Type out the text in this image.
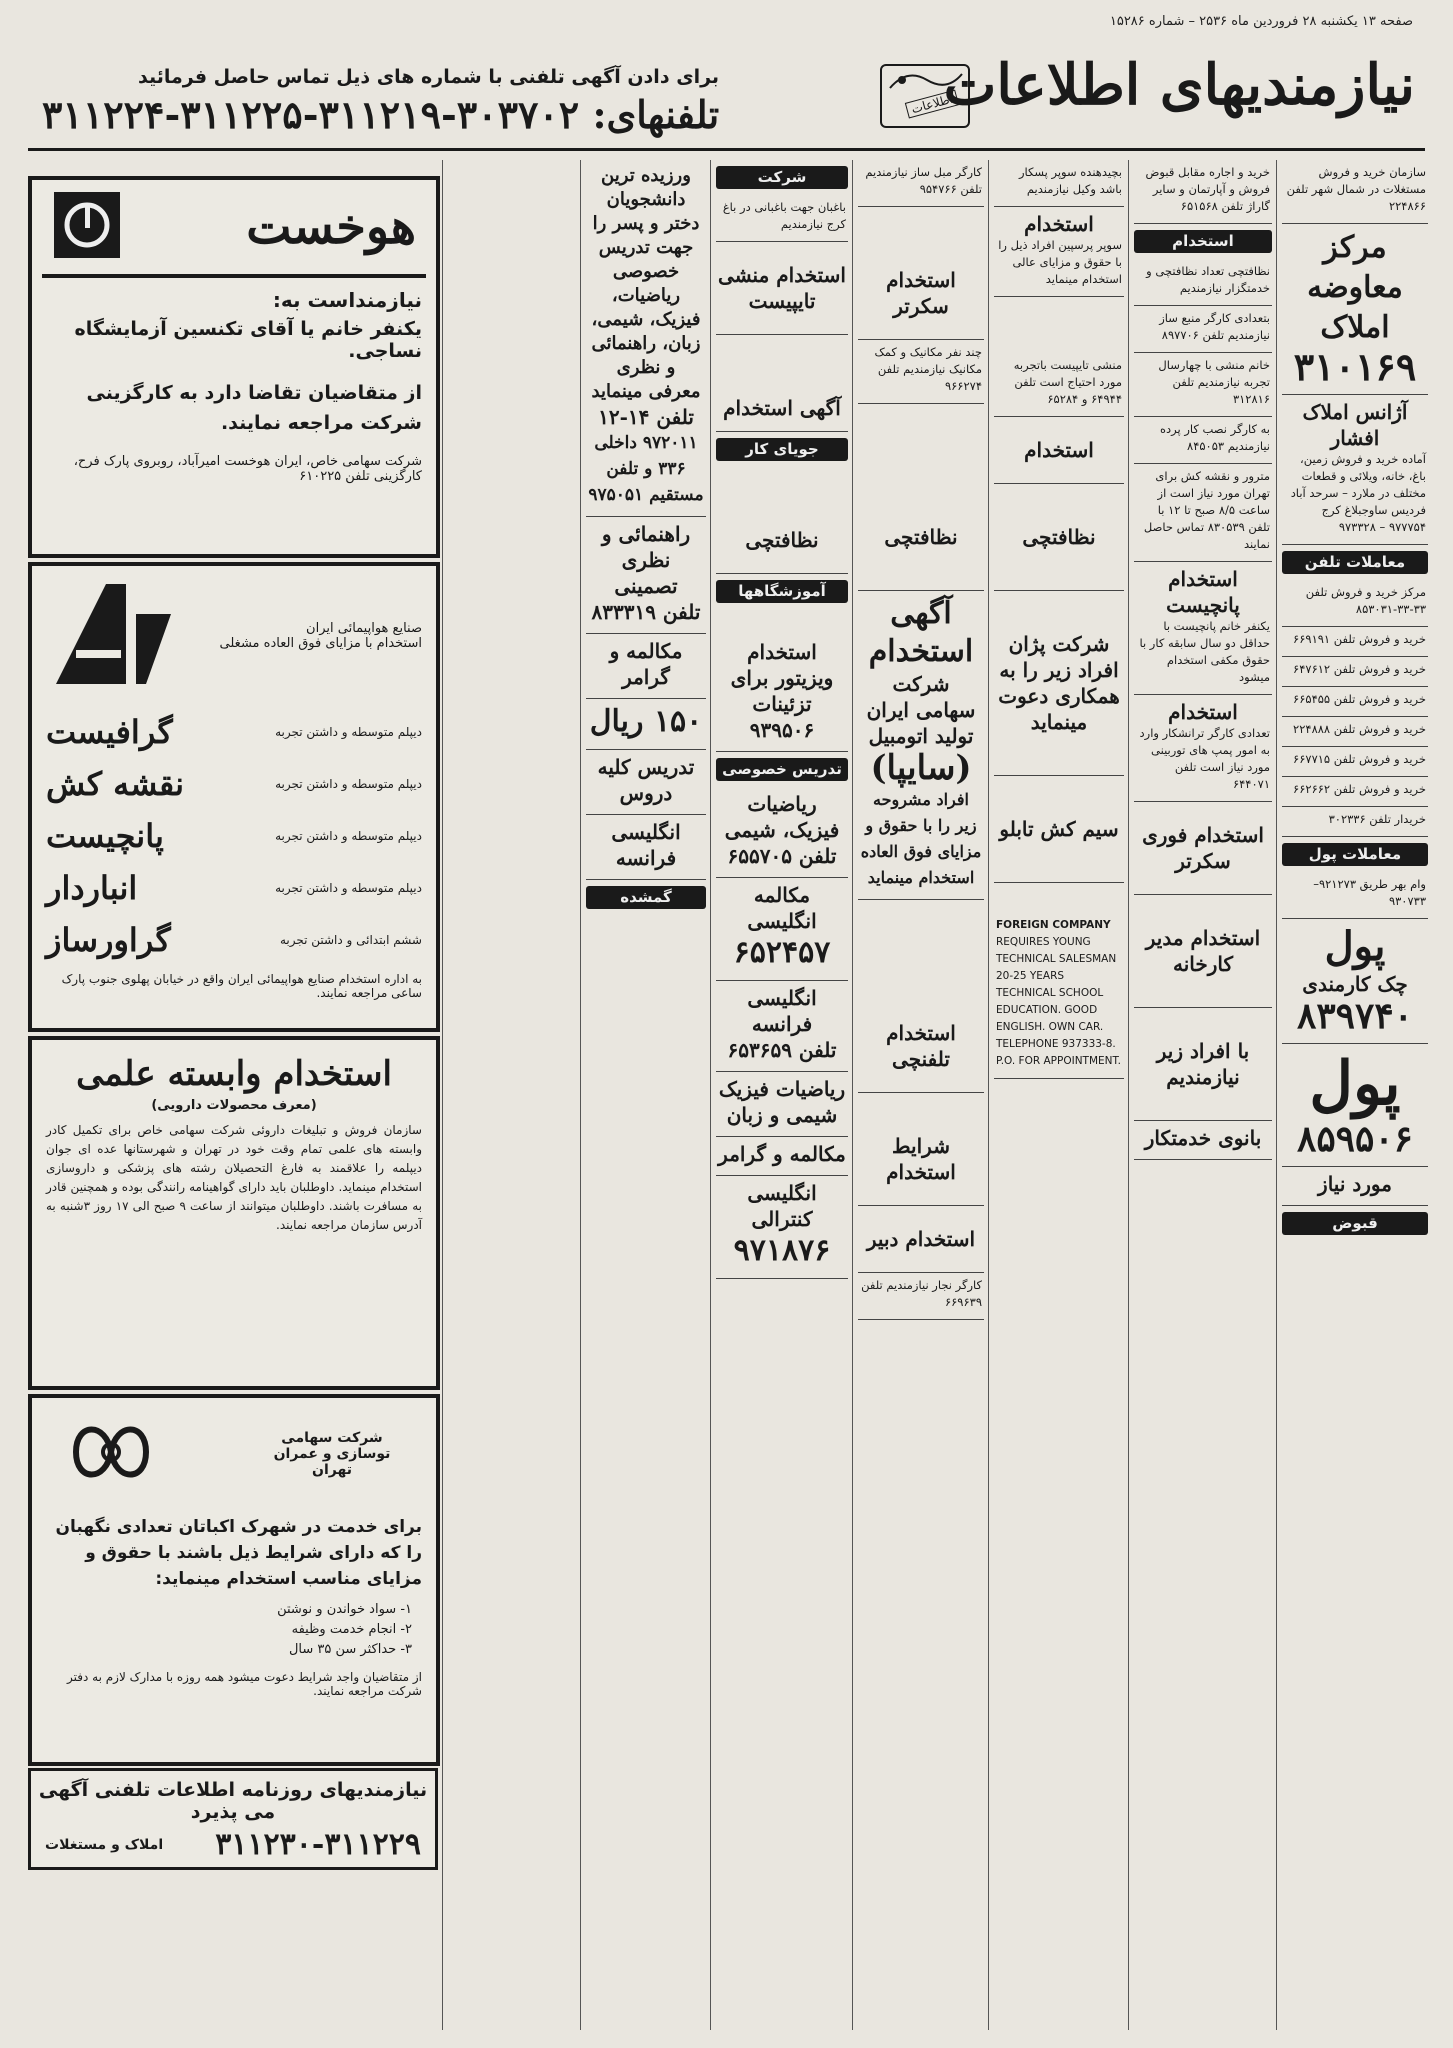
صفحه ۱۳ یکشنبه ۲۸ فروردین ماه ۲۵۳۶ – شماره ۱۵۲۸۶
نیازمندیهای اطلاعات
اطلاعات
برای دادن آگهی تلفنی با شماره های ذیل تماس حاصل فرمائید
تلفنهای: ۳۰۳۷۰۲-۳۱۱۲۱۹-۳۱۱۲۲۵-۳۱۱۲۲۴
سازمان خرید و فروش مستغلات در شمال شهر تلفن ۲۲۴۸۶۶
مرکز معاوضه املاک
۳۱۰۱۶۹
آژانس املاک افشار
آماده خرید و فروش زمین، باغ، خانه، ویلائی و قطعات مختلف در ملارد – سرحد آباد فردیس ساوجبلاغ کرج ۹۷۷۷۵۴ – ۹۷۳۳۲۸
معاملات تلفن
مرکز خرید و فروش تلفن ۳۳-۳۳-۸۵۳۰۳۱
خرید و فروش تلفن ۶۶۹۱۹۱
خرید و فروش تلفن ۶۴۷۶۱۲
خرید و فروش تلفن ۶۶۵۴۵۵
خرید و فروش تلفن ۲۲۴۸۸۸
خرید و فروش تلفن ۶۶۷۷۱۵
خرید و فروش تلفن ۶۶۲۶۶۲
خریدار تلفن ۳۰۲۳۳۶
معاملات پول
وام بهر طریق ۹۲۱۲۷۳–۹۳۰۷۳۳
پول
چک کارمندی
۸۳۹۷۴۰
پول
۸۵۹۵۰۶
مورد نیاز
قبوض
خرید و اجاره مقابل قبوض فروش و آپارتمان و سایر گاراژ تلفن ۶۵۱۵۶۸
استخدام
نظافتچی تعداد نظافتچی و خدمتگزار نیازمندیم
بتعدادی کارگر منبع ساز نیازمندیم تلفن ۸۹۷۷۰۶
خانم منشی با چهارسال تجربه نیازمندیم تلفن ۳۱۲۸۱۶
به کارگر نصب کار پرده نیازمندیم ۸۴۵۰۵۳
مترور و نقشه کش برای تهران مورد نیاز است از ساعت ۸/۵ صبح تا ۱۲ با تلفن ۸۳۰۵۳۹ تماس حاصل نمایند
استخدام پانچیست
یکنفر خانم پانچیست با حداقل دو سال سابقه کار با حقوق مکفی استخدام میشود
استخدام
تعدادی کارگر ترانشکار وارد به امور پمپ های توربینی مورد نیاز است تلفن ۶۴۴۰۷۱
استخدام فوری سکرتر
استخدام مدیر کارخانه
با افراد زیر نیازمندیم
بانوی خدمتکار
بچیدهنده سوپر پسکار باشد وکیل نیازمندیم
استخدام
سوپر پرسپین افراد ذیل را با حقوق و مزایای عالی استخدام مینماید
منشی تایپیست باتجربه مورد احتیاج است تلفن ۶۴۹۴۴ و ۶۵۲۸۴
استخدام
نظافتچی
شرکت پژان افراد زیر را به همکاری دعوت مینماید
سیم کش تابلو
FOREIGN COMPANY
REQUIRES YOUNG TECHNICAL SALESMAN 20-25 YEARS TECHNICAL SCHOOL EDUCATION. GOOD ENGLISH. OWN CAR. TELEPHONE 937333-8. P.O. FOR APPOINTMENT.
کارگر مبل ساز نیازمندیم تلفن ۹۵۴۷۶۶
استخدام سکرتر
چند نفر مکانیک و کمک مکانیک نیازمندیم تلفن ۹۶۶۲۷۴
نظافتچی
آگهی استخدام
شرکت سهامی ایران تولید اتومبیل
(سایپا)
افراد مشروحه زیر را با حقوق و مزایای فوق العاده استخدام مینماید
استخدام تلفنچی
شرایط استخدام
استخدام دبیر
کارگر نجار نیازمندیم تلفن ۶۶۹۶۳۹
شرکت
باغبان جهت باغبانی در باغ کرج نیازمندیم
استخدام منشی تایپیست
آگهی استخدام
جویای کار
نظافتچی
آموزشگاهها
استخدام
ویزیتور برای تزئینات
۹۳۹۵۰۶
تدریس خصوصی
ریاضیات فیزیک، شیمی
تلفن ۶۵۵۷۰۵
مکالمه انگلیسی
۶۵۲۴۵۷
انگلیسی فرانسه
تلفن ۶۵۳۶۵۹
ریاضیات فیزیک شیمی و زبان
مکالمه و گرامر
انگلیسی کنترالی
۹۷۱۸۷۶
ورزیده ترین دانشجویان دختر و پسر را جهت تدریس خصوصی ریاضیات، فیزیک، شیمی، زبان، راهنمائی و نظری معرفی مینماید
تلفن ۱۴-۱۲
۹۷۲۰۱۱ داخلی ۳۳۶ و تلفن مستقیم ۹۷۵۰۵۱
راهنمائی و نظری تصمینی
تلفن ۸۳۳۳۱۹
مکالمه و گرامر
۱۵۰ ریال
تدریس کلیه دروس
انگلیسی فرانسه
گمشده
هوخست
نیازمنداست به:
یکنفر خانم یا آقای تکنسین آزمایشگاه نساجی.
از متقاضیان تقاضا دارد به کارگزینی شرکت مراجعه نمایند.
شرکت سهامی خاص، ایران هوخست امیرآباد، روبروی پارک فرح، کارگزینی تلفن ۶۱۰۲۲۵
صنایع هواپیمائی ایران
استخدام با مزایای فوق العاده مشغلی
دیپلم متوسطه و داشتن تجربه
گرافیست
دیپلم متوسطه و داشتن تجربه
نقشه کش
دیپلم متوسطه و داشتن تجربه
پانچیست
دیپلم متوسطه و داشتن تجربه
انباردار
ششم ابتدائی و داشتن تجربه
گراورساز
به اداره استخدام صنایع هواپیمائی ایران واقع در خیابان پهلوی جنوب پارک ساعی مراجعه نمایند.
استخدام وابسته علمی
(معرف محصولات دارویی)
سازمان فروش و تبلیغات داروئی شرکت سهامی خاص برای تکمیل کادر وابسته های علمی تمام وقت خود در تهران و شهرستانها عده ای جوان دیپلمه را علاقمند به فارغ التحصیلان رشته های پزشکی و داروسازی استخدام مینماید. داوطلبان باید دارای گواهینامه رانندگی بوده و همچنین قادر به مسافرت باشند. داوطلبان میتوانند از ساعت ۹ صبح الی ۱۷ روز ۳شنبه به آدرس سازمان مراجعه نمایند.
شرکت سهامی توسازی و عمران تهران
برای خدمت در شهرک اکباتان تعدادی نگهبان را که دارای شرایط ذیل باشند با حقوق و مزایای مناسب استخدام مینماید:
۱- سواد خواندن و نوشتن
۲- انجام خدمت وظیفه
۳- حداکثر سن ۳۵ سال
از متقاضیان واجد شرایط دعوت میشود همه روزه با مدارک لازم به دفتر شرکت مراجعه نمایند.
نیازمندیهای روزنامه اطلاعات تلفنی آگهی می پذیرد
۳۱۱۲۳۰-۳۱۱۲۲۹
املاک و مستغلات
